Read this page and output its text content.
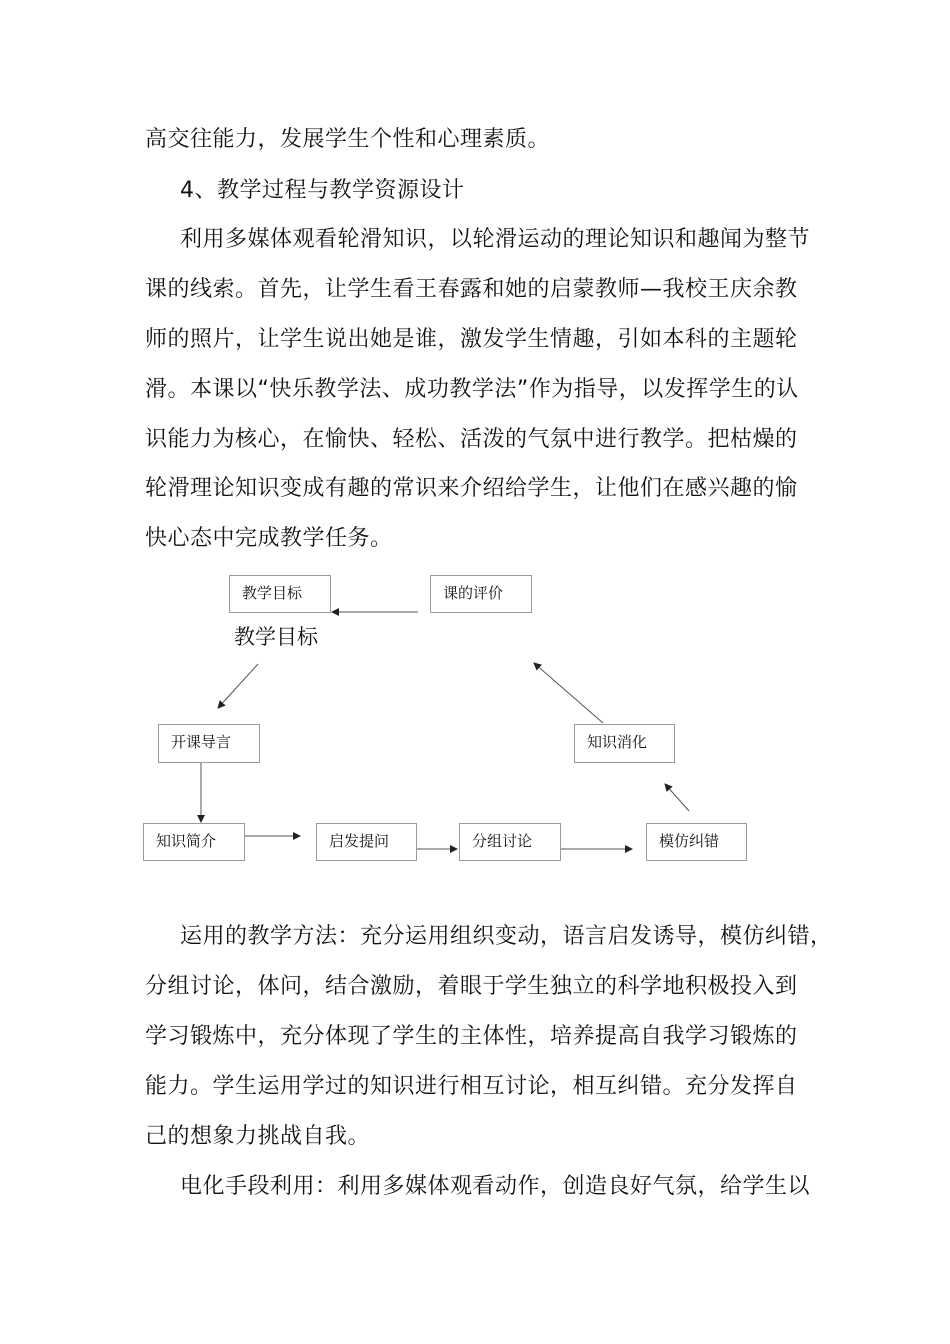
高交往能力，发展学生个性和心理素质。
4、教学过程与教学资源设计
利用多媒体观看轮滑知识，以轮滑运动的理论知识和趣闻为整节
课的线索。首先，让学生看王春露和她的启蒙教师—我校王庆余教
师的照片，让学生说出她是谁，激发学生情趣，引如本科的主题轮
滑。本课以“快乐教学法、成功教学法”作为指导，以发挥学生的认
识能力为核心，在愉快、轻松、活泼的气氛中进行教学。把枯燥的
轮滑理论知识变成有趣的常识来介绍给学生，让他们在感兴趣的愉
快心态中完成教学任务。
教学目标	课的评价
教学目标
开课导言	知识消化
知识简介	启发提问	分组讨论	模仿纠错
运用的教学方法：充分运用组织变动，语言启发诱导，模仿纠错，
分组讨论，体问，结合激励，着眼于学生独立的科学地积极投入到
学习锻炼中，充分体现了学生的主体性，培养提高自我学习锻炼的
能力。学生运用学过的知识进行相互讨论，相互纠错。充分发挥自
己的想象力挑战自我。
电化手段利用：利用多媒体观看动作，创造良好气氛，给学生以
